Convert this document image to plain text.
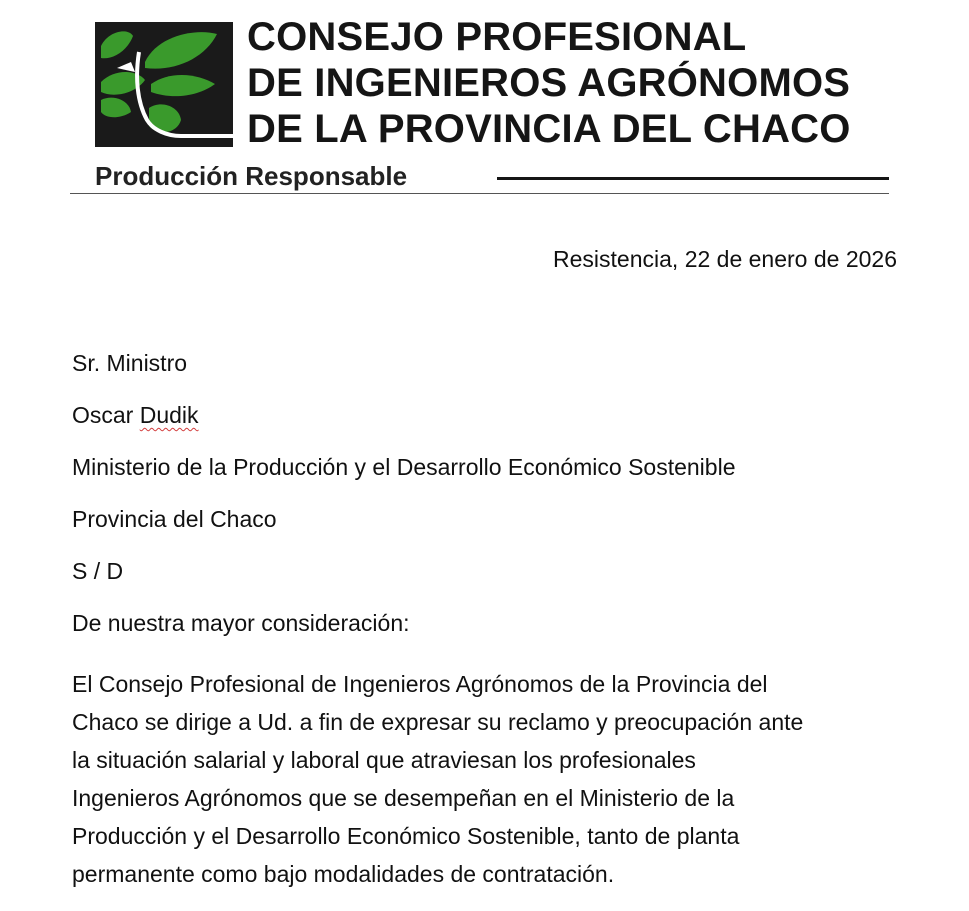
CONSEJO PROFESIONAL
DE INGENIEROS AGRÓNOMOS
DE LA PROVINCIA DEL CHACO
Producción Responsable
Resistencia, 22 de enero de 2026
Sr. Ministro
Oscar Dudik
Ministerio de la Producción y el Desarrollo Económico Sostenible
Provincia del Chaco
S / D
De nuestra mayor consideración:
El Consejo Profesional de Ingenieros Agrónomos de la Provincia del
Chaco se dirige a Ud. a fin de expresar su reclamo y preocupación ante
la situación salarial y laboral que atraviesan los profesionales
Ingenieros Agrónomos que se desempeñan en el Ministerio de la
Producción y el Desarrollo Económico Sostenible, tanto de planta
permanente como bajo modalidades de contratación.
